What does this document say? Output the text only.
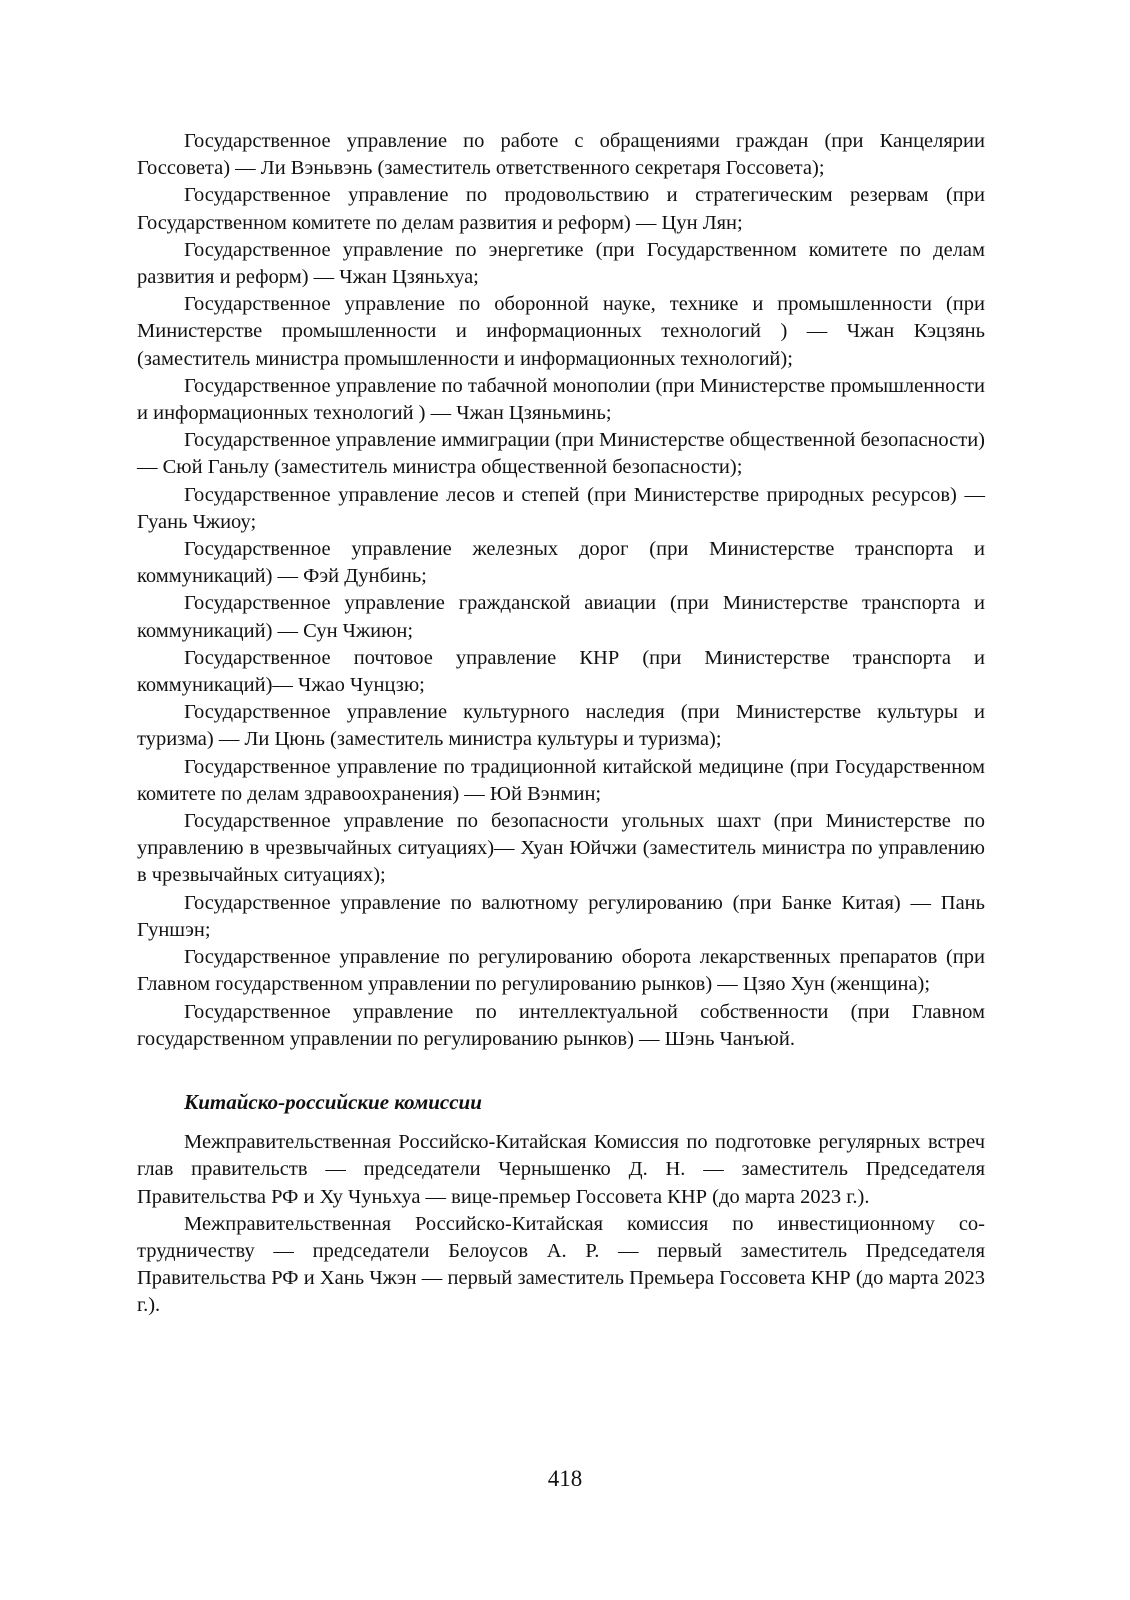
Государственное управление по работе с обращениями граждан (при Канцелярии Госсовета) — Ли Вэньвэнь (заместитель ответственного секретаря Госсовета);

Государственное управление по продовольствию и стратегическим резервам (при Государственном комитете по делам развития и реформ) — Цун Лян;

Государственное управление по энергетике (при Государственном комитете по делам развития и реформ) — Чжан Цзяньхуа;

Государственное управление по оборонной науке, технике и промышленности (при Министерстве промышленности и информационных технологий ) — Чжан Кэцзянь (заместитель министра промышленности и информационных технологий);

Государственное управление по табачной монополии (при Министерстве промышленности и информационных технологий ) — Чжан Цзяньминь;

Государственное управление иммиграции (при Министерстве общественной безопасности) — Сюй Ганьлу (заместитель министра общественной безопасности);

Государственное управление лесов и степей (при Министерстве природных ресурсов) — Гуань Чжиоу;

Государственное управление железных дорог (при Министерстве транспорта и коммуникаций) — Фэй Дунбинь;

Государственное управление гражданской авиации (при Министерстве транспорта и коммуникаций) — Сун Чжиюн;

Государственное почтовое управление КНР (при Министерстве транспорта и коммуникаций)— Чжао Чунцзю;

Государственное управление культурного наследия (при Министерстве культуры и туризма) — Ли Цюнь (заместитель министра культуры и туризма);

Государственное управление по традиционной китайской медицине (при Государственном комитете по делам здравоохранения) — Юй Вэнмин;

Государственное управление по безопасности угольных шахт (при Министерстве по управлению в чрезвычайных ситуациях)— Хуан Юйчжи (заместитель министра по управлению в чрезвычайных ситуациях);

Государственное управление по валютному регулированию (при Банке Китая) — Пань Гуншэн;

Государственное управление по регулированию оборота лекарственных препаратов (при Главном государственном управлении по регулированию рынков) — Цзяо Хун (женщина);

Государственное управление по интеллектуальной собственности (при Главном государственном управлении по регулированию рынков) — Шэнь Чанъюй.

Китайско-российские комиссии

Межправительственная Российско-Китайская Комиссия по подготовке регулярных встреч глав правительств — председатели Чернышенко Д. Н. — заместитель Председателя Правительства РФ и Ху Чуньхуа — вице-премьер Госсовета КНР (до марта 2023 г.).

Межправительственная Российско-Китайская комиссия по инвестиционному сотрудничеству — председатели Белоусов А. Р. — первый заместитель Председателя Правительства РФ и Хань Чжэн — первый заместитель Премьера Госсовета КНР (до марта 2023 г.).

418
